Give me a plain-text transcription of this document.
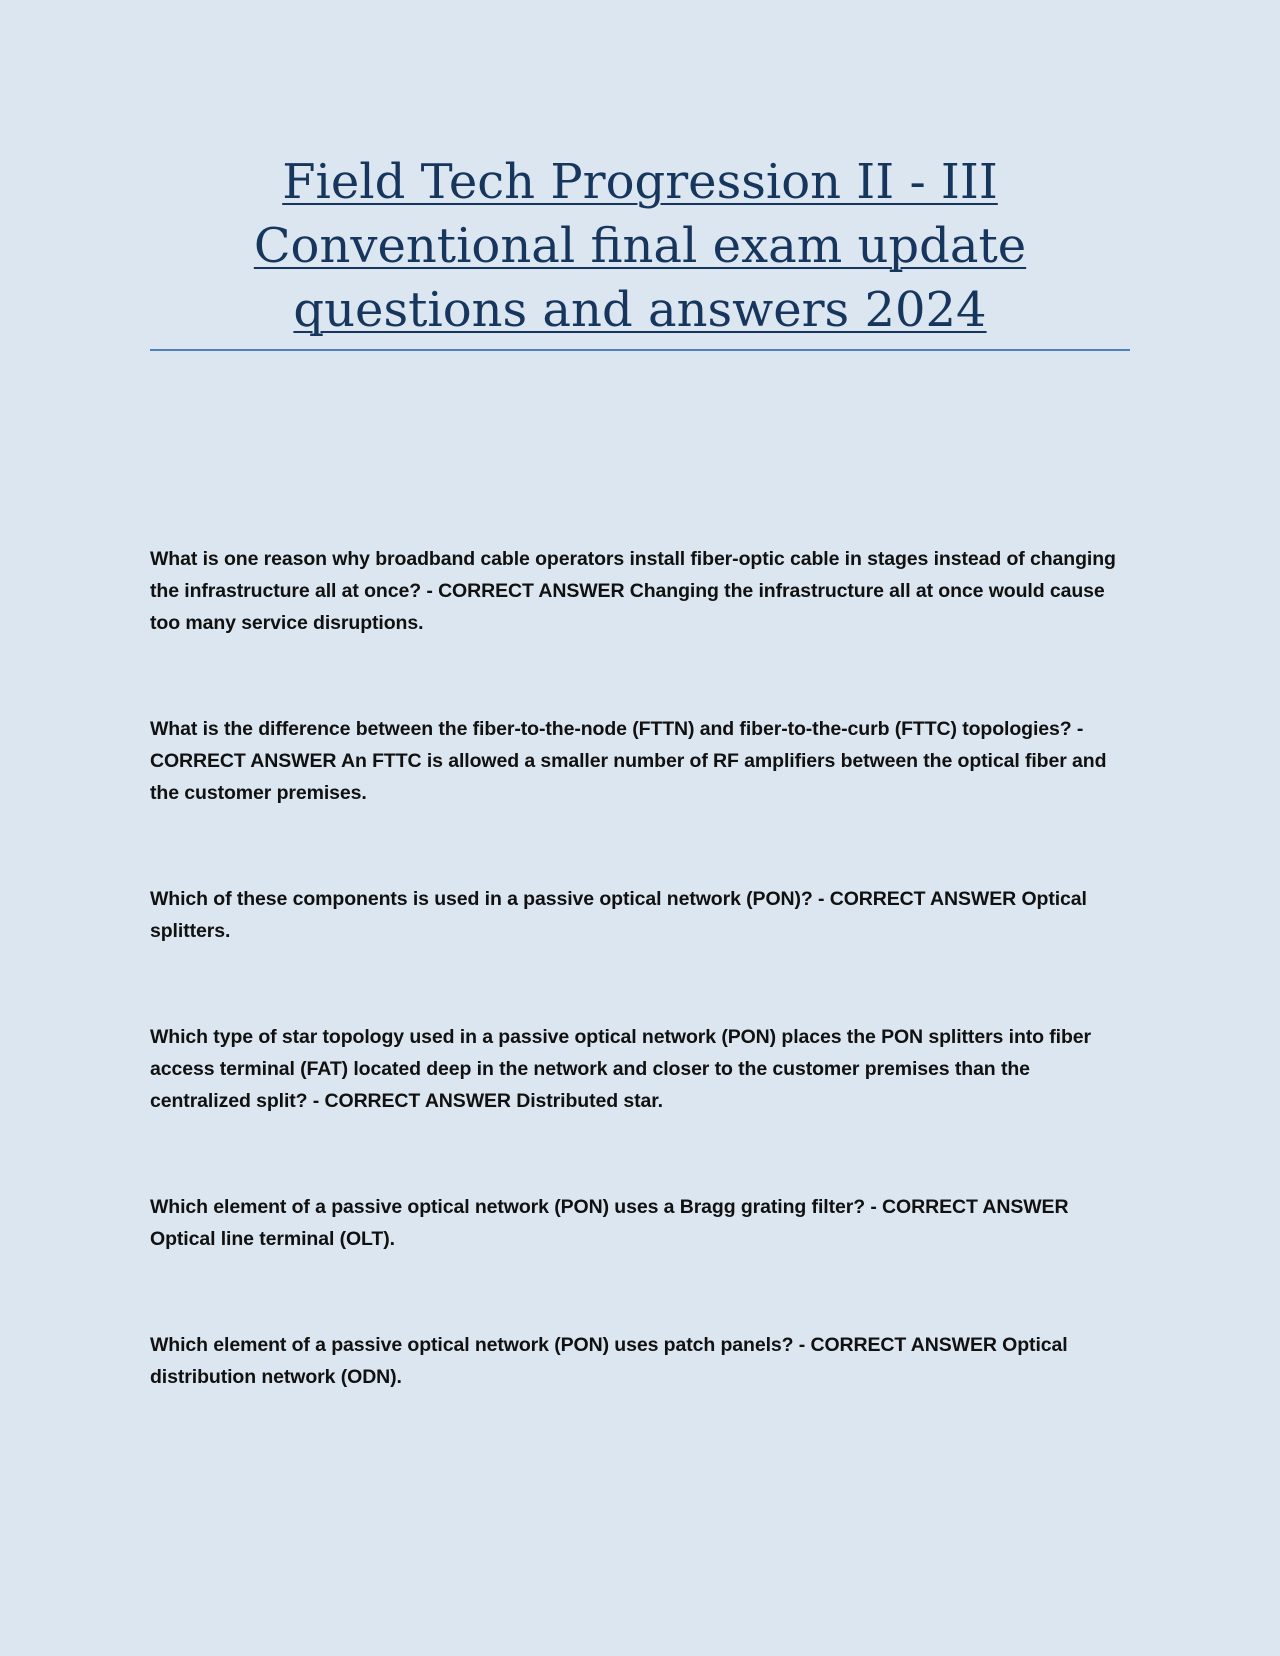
Field Tech Progression II - III Conventional final exam update questions and answers 2024
What is one reason why broadband cable operators install fiber-optic cable in stages instead of changing the infrastructure all at once? - CORRECT ANSWER Changing the infrastructure all at once would cause too many service disruptions.
What is the difference between the fiber-to-the-node (FTTN) and fiber-to-the-curb (FTTC) topologies? - CORRECT ANSWER An FTTC is allowed a smaller number of RF amplifiers between the optical fiber and the customer premises.
Which of these components is used in a passive optical network (PON)? - CORRECT ANSWER Optical splitters.
Which type of star topology used in a passive optical network (PON) places the PON splitters into fiber access terminal (FAT) located deep in the network and closer to the customer premises than the centralized split? - CORRECT ANSWER Distributed star.
Which element of a passive optical network (PON) uses a Bragg grating filter? - CORRECT ANSWER Optical line terminal (OLT).
Which element of a passive optical network (PON) uses patch panels? - CORRECT ANSWER Optical distribution network (ODN).
